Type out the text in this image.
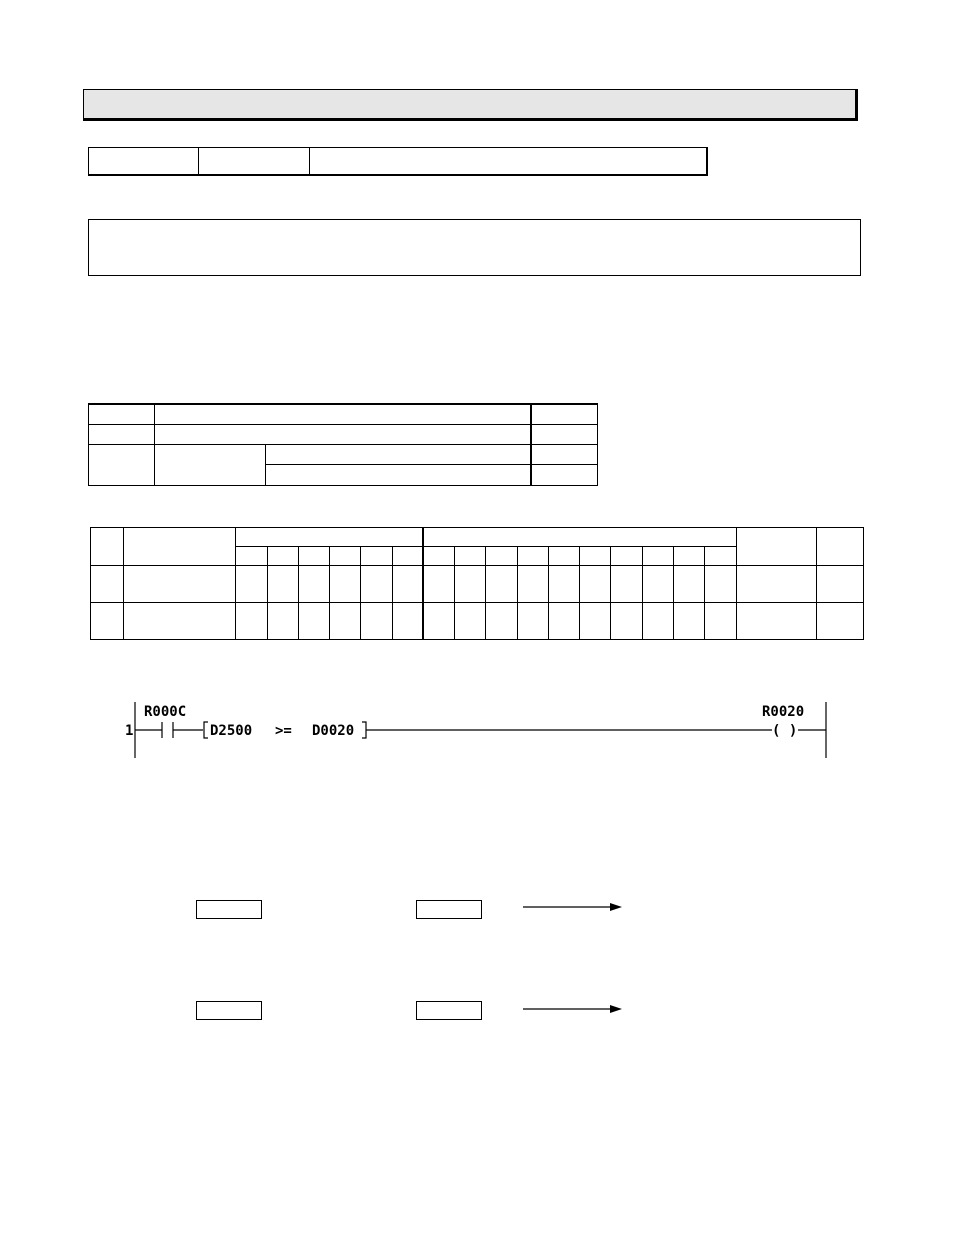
1
R000C
D2500 >= D0020
R0020
( )
